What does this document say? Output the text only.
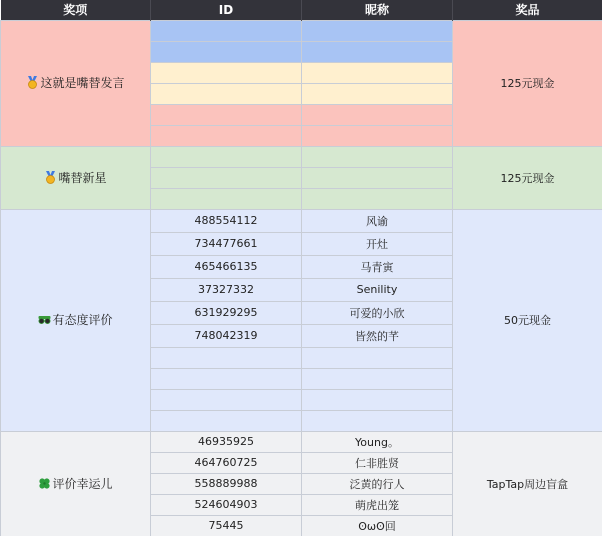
奖项	ID	昵称	奖品

这就是嘴替发言			125元现金

嘴替新星			125元现金

有态度评价	488554112	风谕	50元现金
	734477661	开灶	
	465466135	马青寅	
	37327332	Senility	
	631929295	可爱的小欣	
	748042319	皆然的芊	

评价幸运儿	46935925	Young。	TapTap周边盲盒
	464760725	仁非胜贤	
	558889988	泛黄的行人	
	524604903	萌虎出笼	
	75445	ʘωʘ回	
